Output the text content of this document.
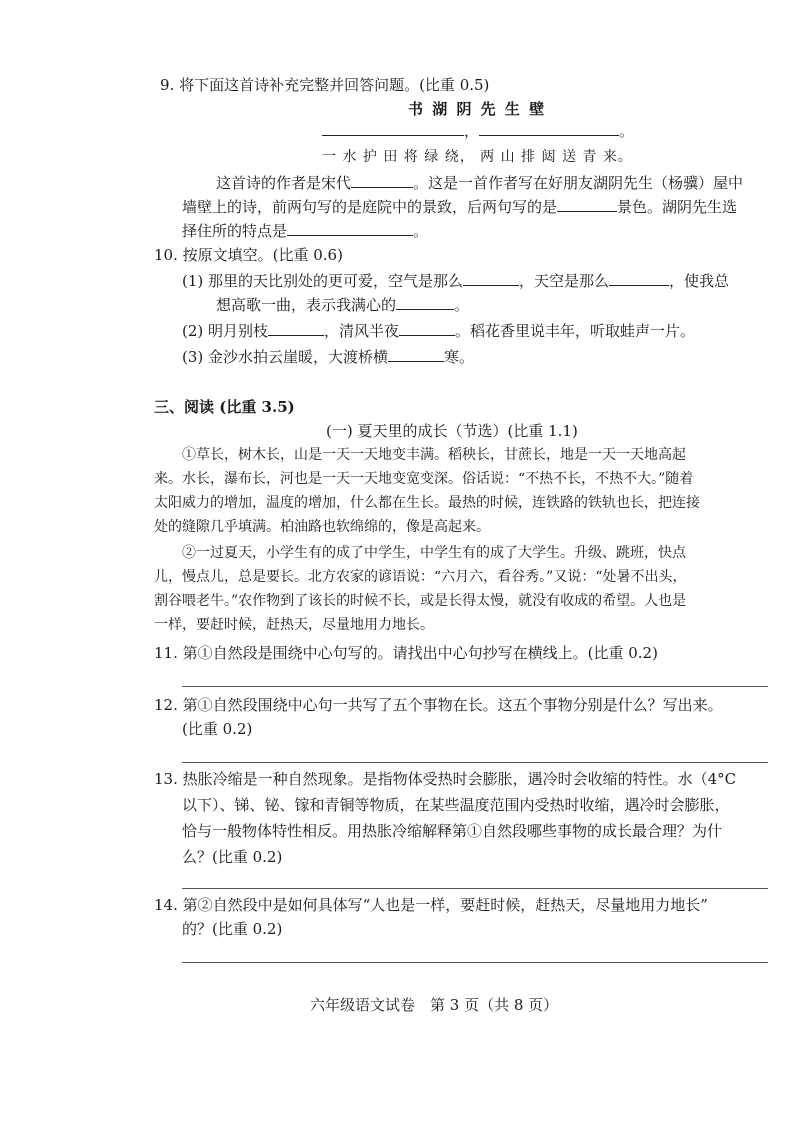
9. 将下面这首诗补充完整并回答问题。(比重 0.5)
书 湖 阴 先 生 壁
，	。
一 水 护 田 将 绿 绕， 两 山 排 闼 送 青 来。
这首诗的作者是宋代	。这是一首作者写在好朋友湖阴先生（杨骥）屋中
墙壁上的诗，前两句写的是庭院中的景致，后两句写的是	景色。湖阴先生选
择住所的特点是	。
10. 按原文填空。(比重 0.6)
(1) 那里的天比别处的更可爱，空气是那么	，天空是那么	，使我总
想高歌一曲，表示我满心的	。
(2) 明月别枝	，清风半夜	。稻花香里说丰年，听取蛙声一片。
(3) 金沙水拍云崖暖，大渡桥横	寒。
三、阅读 (比重 3.5)
(一) 夏天里的成长（节选）(比重 1.1)
①草长，树木长，山是一天一天地变丰满。稻秧长，甘蔗长，地是一天一天地高起
来。水长，瀑布长，河也是一天一天地变宽变深。俗话说：“不热不长，不热不大。”随着
太阳威力的增加，温度的增加，什么都在生长。最热的时候，连铁路的铁轨也长，把连接
处的缝隙几乎填满。柏油路也软绵绵的，像是高起来。
②一过夏天，小学生有的成了中学生，中学生有的成了大学生。升级、跳班，快点
儿，慢点儿，总是要长。北方农家的谚语说：“六月六，看谷秀。”又说：“处暑不出头，
割谷喂老牛。”农作物到了该长的时候不长，或是长得太慢，就没有收成的希望。人也是
一样，要赶时候，赶热天，尽量地用力地长。
11. 第①自然段是围绕中心句写的。请找出中心句抄写在横线上。(比重 0.2)
12. 第①自然段围绕中心句一共写了五个事物在长。这五个事物分别是什么？写出来。
(比重 0.2)
13. 热胀冷缩是一种自然现象。是指物体受热时会膨胀，遇冷时会收缩的特性。水（4°C
以下）、锑、铋、镓和青铜等物质，在某些温度范围内受热时收缩，遇冷时会膨胀，
恰与一般物体特性相反。用热胀冷缩解释第①自然段哪些事物的成长最合理？为什
么？(比重 0.2)
14. 第②自然段中是如何具体写“人也是一样，要赶时候，赶热天，尽量地用力地长”
的？(比重 0.2)
六年级语文试卷　第 3 页（共 8 页）
